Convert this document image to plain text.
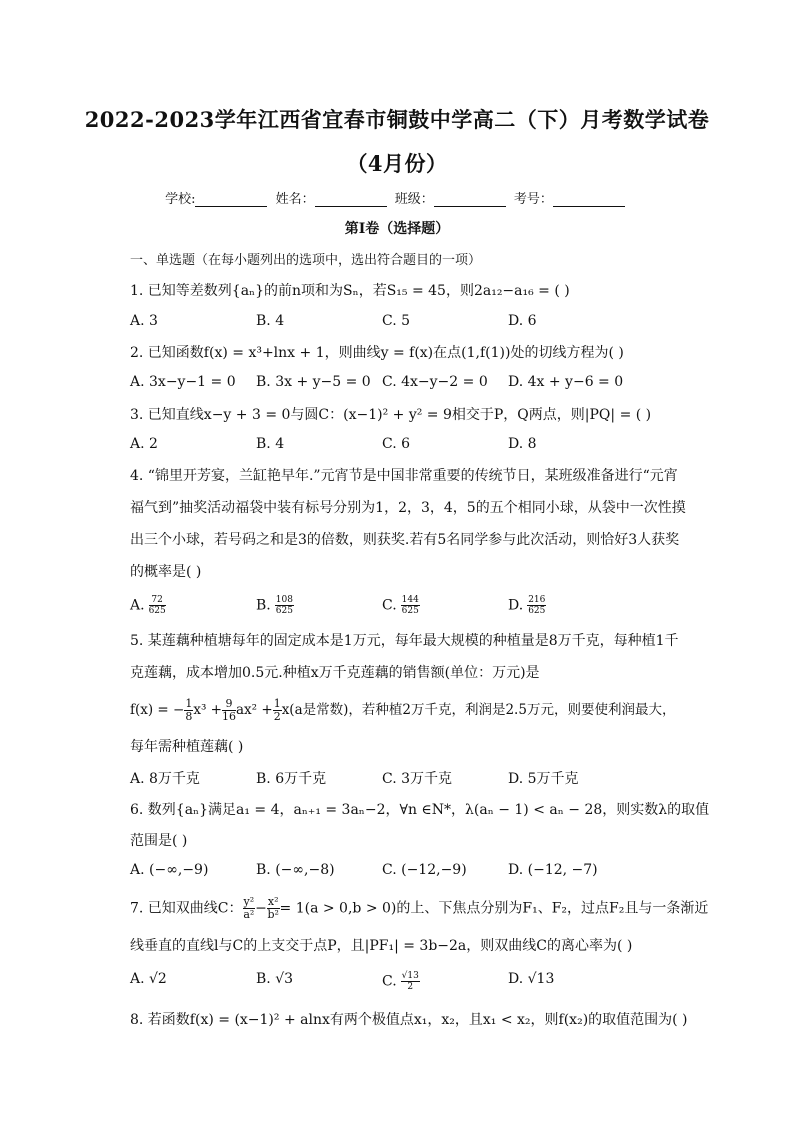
2022-2023学年江西省宜春市铜鼓中学高二（下）月考数学试卷
（4月份）
学校:	姓名：	班级：	考号：
第I卷（选择题）
一、单选题（在每小题列出的选项中，选出符合题目的一项）
1. 已知等差数列{aₙ}的前n项和为Sₙ，若S₁₅ = 45，则2a₁₂−a₁₆ = ( )
A. 3	B. 4	C. 5	D. 6
2. 已知函数f(x) = x³+lnx + 1，则曲线y = f(x)在点(1,f(1))处的切线方程为( )
A. 3x−y−1 = 0 B. 3x + y−5 = 0 C. 4x−y−2 = 0 D. 4x + y−6 = 0
3. 已知直线x−y + 3 = 0与圆C：(x−1)² + y² = 9相交于P，Q两点，则|PQ| = ( )
A. 2	B. 4	C. 6	D. 8
4. “锦里开芳宴，兰缸艳早年.”元宵节是中国非常重要的传统节日，某班级准备进行“元宵福气到”抽奖活动福袋中装有标号分别为1，2，3，4，5的五个相同小球，从袋中一次性摸出三个小球，若号码之和是3的倍数，则获奖.若有5名同学参与此次活动，则恰好3人获奖的概率是( )
A. $\frac{72}{625}$	B. $\frac{108}{625}$	C. $\frac{144}{625}$	D. $\frac{216}{625}$
5. 某莲藕种植塘每年的固定成本是1万元，每年最大规模的种植量是8万千克，每种植1千克莲藕，成本增加0.5元.种植x万千克莲藕的销售额(单位：万元)是
f(x) = − $\frac{1}{8} x^3 + \frac{9}{16} ax^2 + \frac{1}{2} x(a$是常数)，若种植2万千克，利润是2.5万元，则要使利润最大，
每年需种植莲藕( )
A. 8万千克	B. 6万千克	C. 3万千克	D. 5万千克
6. 数列{aₙ}满足a₁ = 4，aₙ₊₁ = 3aₙ−2，∀n ∈N*，λ(aₙ − 1) < aₙ − 28，则实数λ的取值
范围是( )
A. (−∞,−9)	B. (−∞,−8)	C. (−12,−9)	D. (−12, −7)
7. 已知双曲线C： $\frac{\text{y²}}{\text{a²}} - \frac{\text{x²}}{\text{b²}} = 1(a > 0,b > 0)$的上、下焦点分别为F₁、F₂，过点F₂且与一条渐近
线垂直的直线l与C的上支交于点P，且|PF₁| = 3b−2a，则双曲线C的离心率为( )
A. √2	B. √3	C. $\frac{√13}{2}$	D. √13
8. 若函数f(x) = (x−1)² + alnx有两个极值点x₁，x₂，且x₁ < x₂，则f(x₂)的取值范围为( )
